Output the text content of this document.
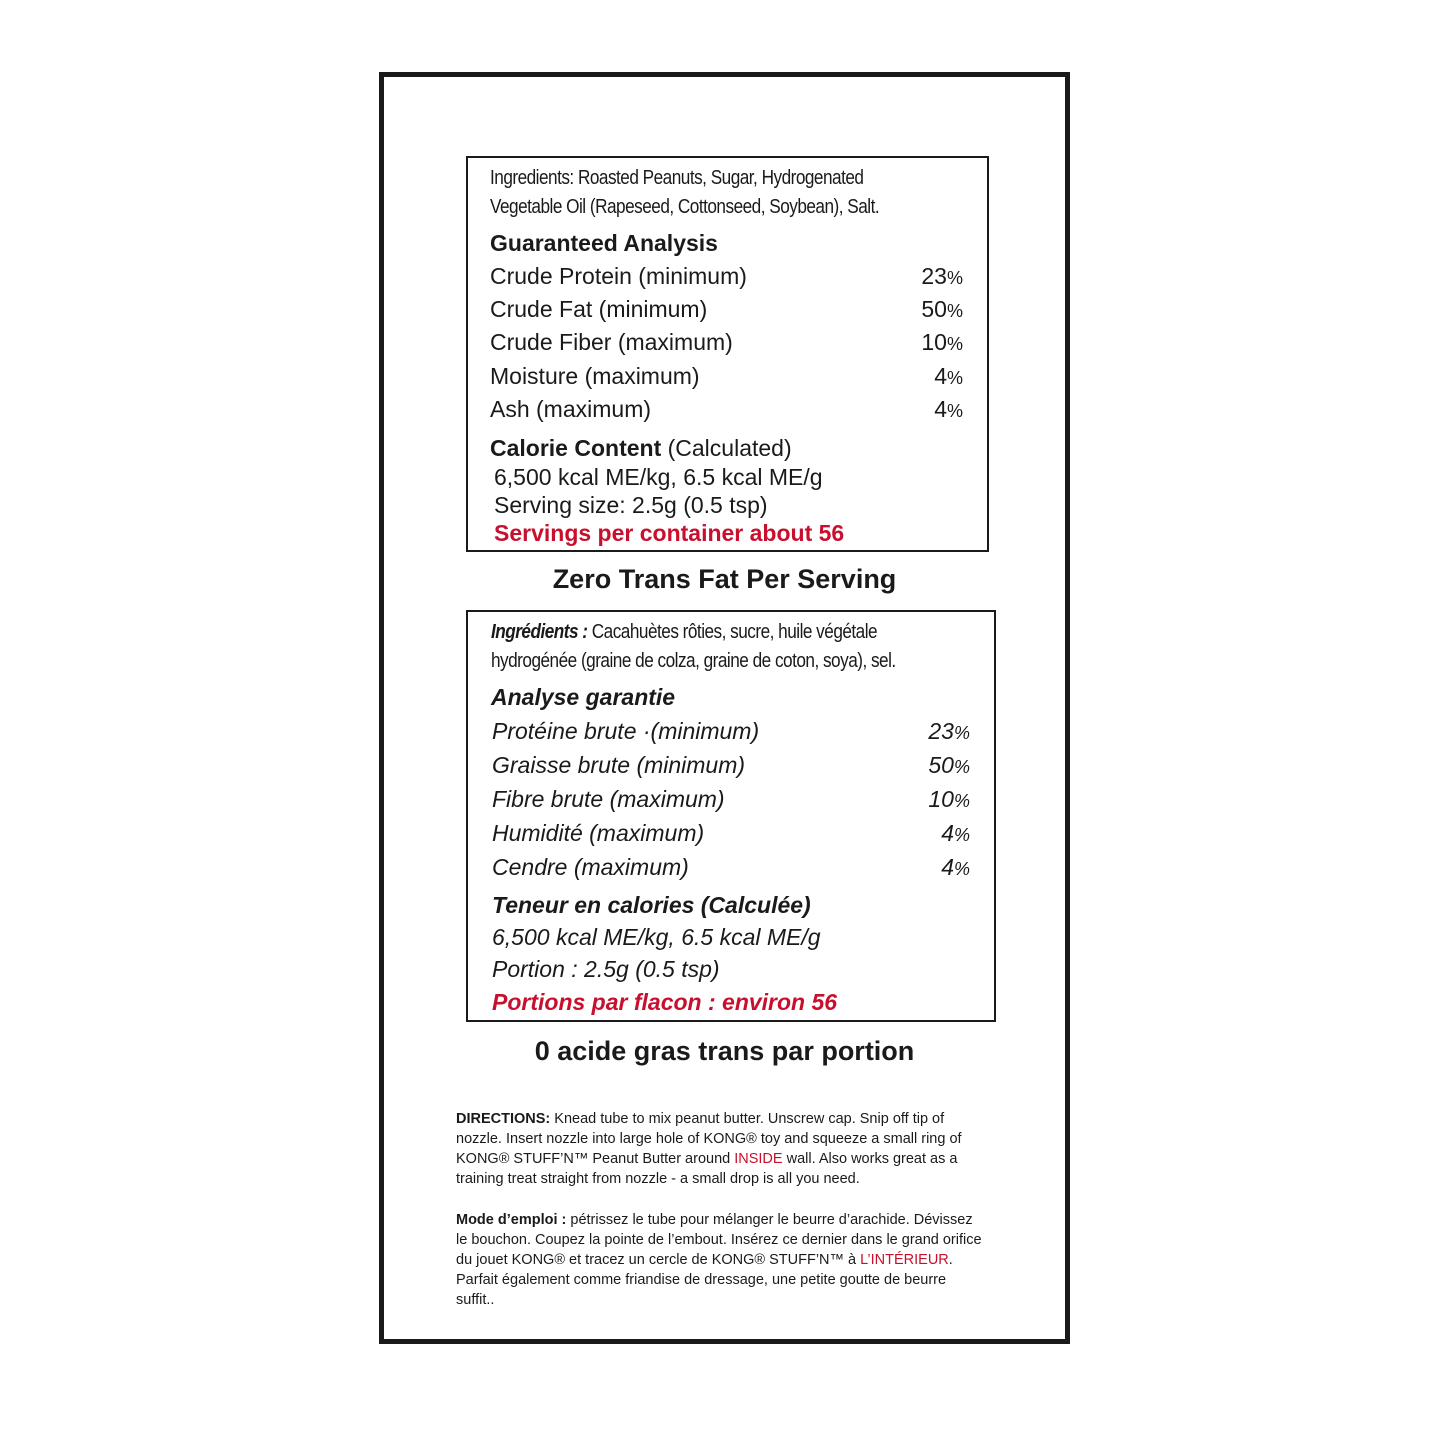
Ingredients: Roasted Peanuts, Sugar, Hydrogenated
Vegetable Oil (Rapeseed, Cottonseed, Soybean), Salt.
Guaranteed Analysis
Crude Protein (minimum)	23%
Crude Fat (minimum)	50%
Crude Fiber (maximum)	10%
Moisture (maximum)	4%
Ash (maximum)	4%
Calorie Content (Calculated)
6,500 kcal ME/kg, 6.5 kcal ME/g
Serving size: 2.5g (0.5 tsp)
Servings per container about 56
Zero Trans Fat Per Serving
Ingrédients : Cacahuètes rôties, sucre, huile végétale
hydrogénée (graine de colza, graine de coton, soya), sel.
Analyse garantie
Protéine brute ·(minimum)	23%
Graisse brute (minimum)	50%
Fibre brute (maximum)	10%
Humidité (maximum)	4%
Cendre (maximum)	4%
Teneur en calories (Calculée)
6,500 kcal ME/kg, 6.5 kcal ME/g
Portion : 2.5g (0.5 tsp)
Portions par flacon : environ 56
0 acide gras trans par portion
DIRECTIONS: Knead tube to mix peanut butter. Unscrew cap. Snip off tip of nozzle. Insert nozzle into large hole of KONG® toy and squeeze a small ring of KONG® STUFF’N™ Peanut Butter around INSIDE wall. Also works great as a training treat straight from nozzle - a small drop is all you need.
Mode d’emploi : pétrissez le tube pour mélanger le beurre d’arachide. Dévissez le bouchon. Coupez la pointe de l’embout. Insérez ce dernier dans le grand orifice du jouet KONG® et tracez un cercle de KONG® STUFF’N™ à L’INTÉRIEUR. Parfait également comme friandise de dressage, une petite goutte de beurre suffit..
